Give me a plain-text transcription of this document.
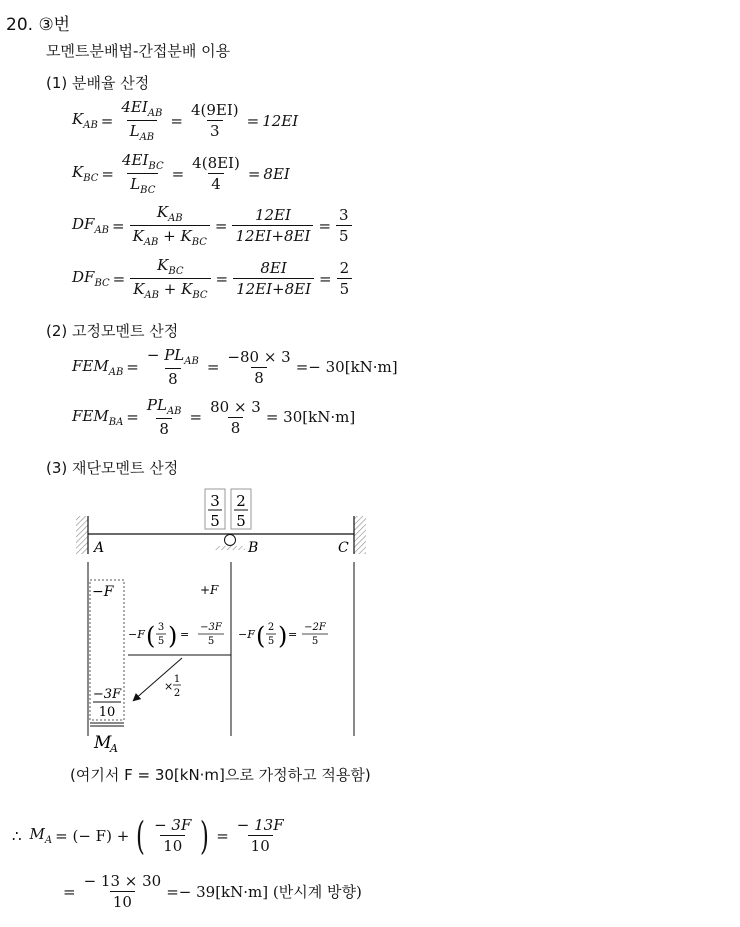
20. ③번
모멘트분배법-간접분배 이용
(1) 분배율 산정
$K_{AB} = \frac{4EI_{AB}}{L_{AB}} = \frac{4(9EI)}{3} = 12EI$
$K_{BC} = \frac{4EI_{BC}}{L_{BC}} = \frac{4(8EI)}{4} = 8EI$
$DF_{AB} = \frac{K_{AB}}{K_{AB} + K_{BC}} = \frac{12EI}{12EI+8EI} = \frac{3}{5}$
$DF_{BC} = \frac{K_{BC}}{K_{AB} + K_{BC}} = \frac{8EI}{12EI+8EI} = \frac{2}{5}$
(2) 고정모멘트 산정
$FEM_{AB} = \frac{- PL_{AB}}{8} = \frac{-80 \times 3}{8} =- 30[kN\cdot m]$
$FEM_{BA} = \frac{PL_{AB}}{8} = \frac{80 \times 3}{8} = 30[kN\cdot m]$
(3) 재단모멘트 산정
3
5
2
5
A	B	C
−F	+F
−F ( 3
5 ) =
−3F
5
−F ( 2
5 ) =
−2F
5
×
1
2
−3F
10
M
A
(여기서 F = 30[kN·m]으로 가정하고 적용함)
∴ $M_A$ = (− F) + ( $\frac{- 3F}{10}$ ) = $\frac{- 13F}{10}$
= $\frac{- 13 \times 30}{10} =- 39[kN\cdot m]$ (반시계 방향)
